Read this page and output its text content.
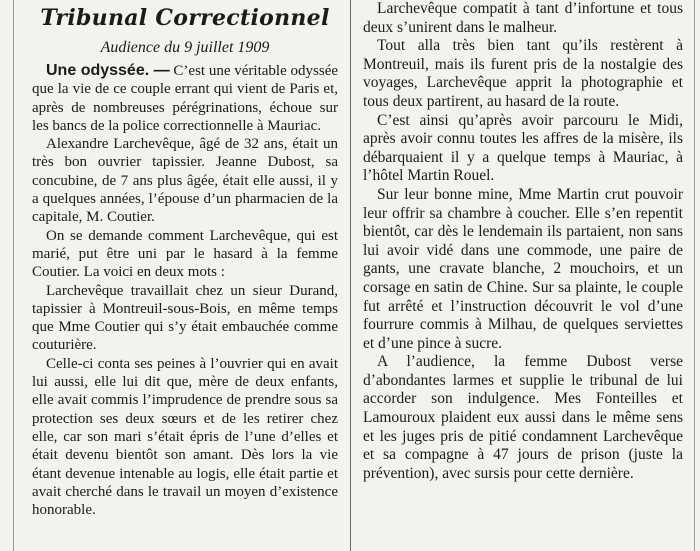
Tribunal Correctionnel
Audience du 9 juillet 1909

Une odyssée. — C’est une véritable odyssée que la vie de ce couple errant qui vient de Paris et, après de nombreuses pérégrinations, échoue sur les bancs de la police correctionnelle à Mauriac.

Alexandre Larchevêque, âgé de 32 ans, était un très bon ouvrier tapissier. Jeanne Dubost, sa concubine, de 7 ans plus âgée, était elle aussi, il y a quelques années, l’épouse d’un pharmacien de la capitale, M. Coutier.

On se demande comment Larchevêque, qui est marié, put être uni par le hasard à la femme Coutier. La voici en deux mots :

Larchevêque travaillait chez un sieur Durand, tapissier à Montreuil-sous-Bois, en même temps que Mme Coutier qui s’y était embauchée comme couturière.

Celle-ci conta ses peines à l’ouvrier qui en avait lui aussi, elle lui dit que, mère de deux enfants, elle avait commis l’imprudence de prendre sous sa protection ses deux sœurs et de les retirer chez elle, car son mari s’était épris de l’une d’elles et était devenu bientôt son amant. Dès lors la vie étant devenue intenable au logis, elle était partie et avait cherché dans le travail un moyen d’existence honorable.

Larchevêque compatit à tant d’infortune et tous deux s’unirent dans le malheur.

Tout alla très bien tant qu’ils restèrent à Montreuil, mais ils furent pris de la nostalgie des voyages, Larchevêque apprit la photographie et tous deux partirent, au hasard de la route.

C’est ainsi qu’après avoir parcouru le Midi, après avoir connu toutes les affres de la misère, ils débarquaient il y a quelque temps à Mauriac, à l’hôtel Martin Rouel.

Sur leur bonne mine, Mme Martin crut pouvoir leur offrir sa chambre à coucher. Elle s’en repentit bientôt, car dès le lendemain ils partaient, non sans lui avoir vidé dans une commode, une paire de gants, une cravate blanche, 2 mouchoirs, et un corsage en satin de Chine. Sur sa plainte, le couple fut arrêté et l’instruction découvrit le vol d’une fourrure commis à Milhau, de quelques serviettes et d’une pince à sucre.

A l’audience, la femme Dubost verse d’abondantes larmes et supplie le tribunal de lui accorder son indulgence. Mes Fonteilles et Lamouroux plaident eux aussi dans le même sens et les juges pris de pitié condamnent Larchevêque et sa compagne à 47 jours de prison (juste la prévention), avec sursis pour cette dernière.
